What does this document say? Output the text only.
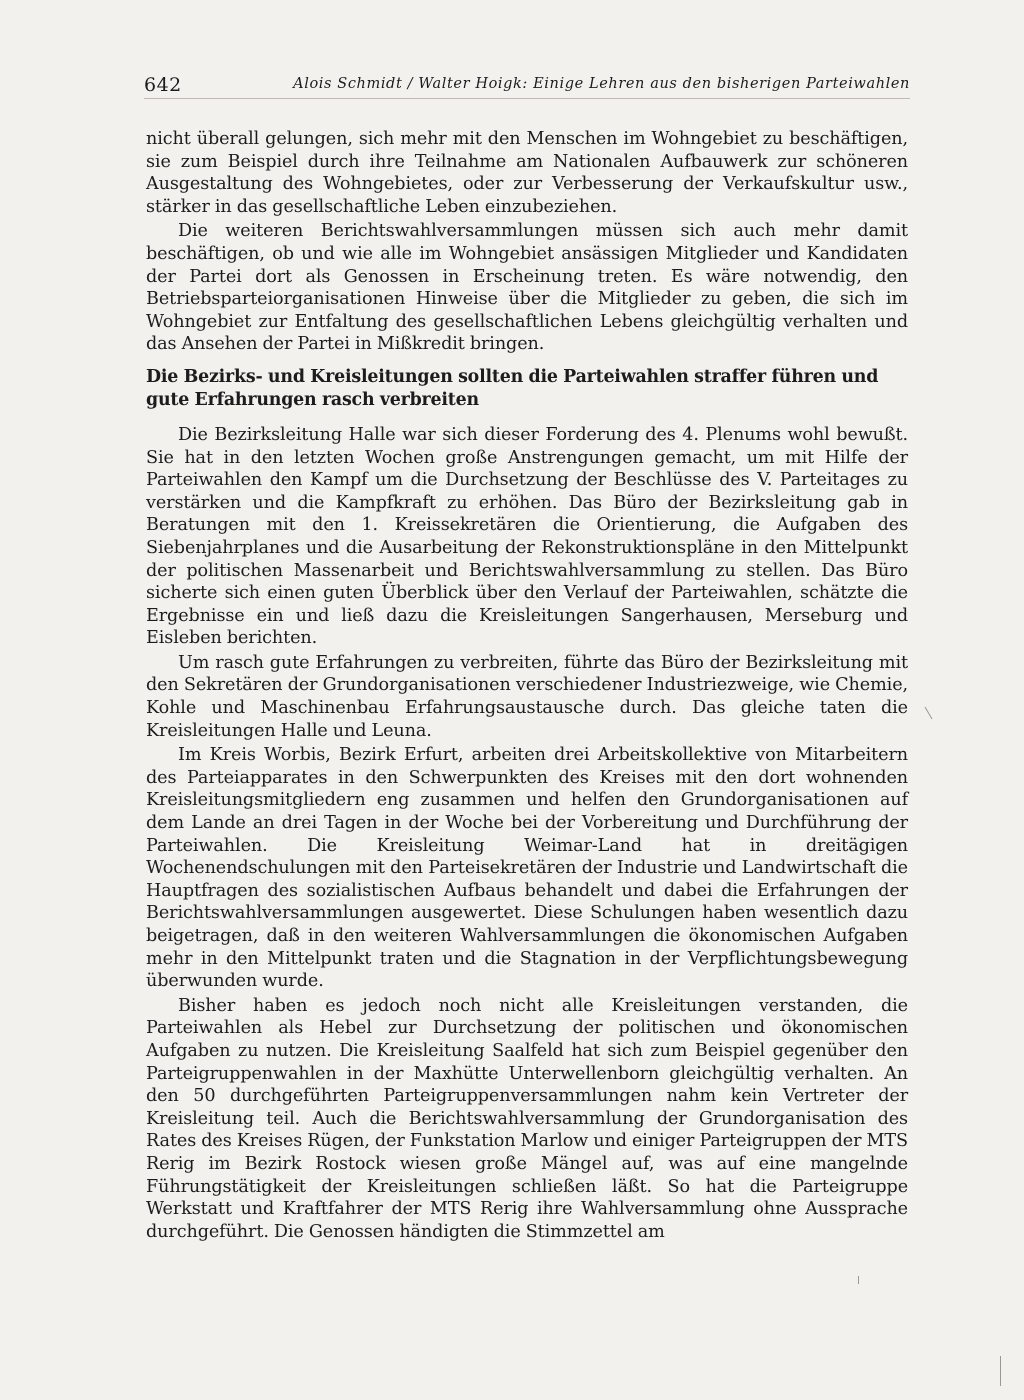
642	Alois Schmidt / Walter Hoigk: Einige Lehren aus den bisherigen Parteiwahlen

nicht überall gelungen, sich mehr mit den Menschen im Wohngebiet zu beschäftigen, sie zum Beispiel durch ihre Teilnahme am Nationalen Aufbauwerk zur schöneren Ausgestaltung des Wohngebietes, oder zur Verbesserung der Verkaufskultur usw., stärker in das gesellschaftliche Leben einzubeziehen.

Die weiteren Berichtswahlversammlungen müssen sich auch mehr damit beschäftigen, ob und wie alle im Wohngebiet ansässigen Mitglieder und Kandidaten der Partei dort als Genossen in Erscheinung treten. Es wäre notwendig, den Betriebsparteiorganisationen Hinweise über die Mitglieder zu geben, die sich im Wohngebiet zur Entfaltung des gesellschaftlichen Lebens gleichgültig verhalten und das Ansehen der Partei in Mißkredit bringen.

Die Bezirks- und Kreisleitungen sollten die Parteiwahlen straffer führen und gute Erfahrungen rasch verbreiten

Die Bezirksleitung Halle war sich dieser Forderung des 4. Plenums wohl bewußt. Sie hat in den letzten Wochen große Anstrengungen gemacht, um mit Hilfe der Parteiwahlen den Kampf um die Durchsetzung der Beschlüsse des V. Parteitages zu verstärken und die Kampfkraft zu erhöhen. Das Büro der Bezirksleitung gab in Beratungen mit den 1. Kreissekretären die Orientierung, die Aufgaben des Siebenjahrplanes und die Ausarbeitung der Rekonstruktionspläne in den Mittelpunkt der politischen Massenarbeit und Berichtswahlversammlung zu stellen. Das Büro sicherte sich einen guten Überblick über den Verlauf der Parteiwahlen, schätzte die Ergebnisse ein und ließ dazu die Kreisleitungen Sangerhausen, Merseburg und Eisleben berichten.

Um rasch gute Erfahrungen zu verbreiten, führte das Büro der Bezirksleitung mit den Sekretären der Grundorganisationen verschiedener Industriezweige, wie Chemie, Kohle und Maschinenbau Erfahrungsaustausche durch. Das gleiche taten die Kreisleitungen Halle und Leuna.

Im Kreis Worbis, Bezirk Erfurt, arbeiten drei Arbeitskollektive von Mitarbeitern des Parteiapparates in den Schwerpunkten des Kreises mit den dort wohnenden Kreisleitungsmitgliedern eng zusammen und helfen den Grundorganisationen auf dem Lande an drei Tagen in der Woche bei der Vorbereitung und Durchführung der Parteiwahlen. Die Kreisleitung Weimar-Land hat in dreitägigen Wochenendschulungen mit den Parteisekretären der Industrie und Landwirtschaft die Hauptfragen des sozialistischen Aufbaus behandelt und dabei die Erfahrungen der Berichtswahlversammlungen ausgewertet. Diese Schulungen haben wesentlich dazu beigetragen, daß in den weiteren Wahlversammlungen die ökonomischen Aufgaben mehr in den Mittelpunkt traten und die Stagnation in der Verpflichtungsbewegung überwunden wurde.

Bisher haben es jedoch noch nicht alle Kreisleitungen verstanden, die Parteiwahlen als Hebel zur Durchsetzung der politischen und ökonomischen Aufgaben zu nutzen. Die Kreisleitung Saalfeld hat sich zum Beispiel gegenüber den Parteigruppenwahlen in der Maxhütte Unterwellenborn gleichgültig verhalten. An den 50 durchgeführten Parteigruppenversammlungen nahm kein Vertreter der Kreisleitung teil. Auch die Berichtswahlversammlung der Grundorganisation des Rates des Kreises Rügen, der Funkstation Marlow und einiger Parteigruppen der MTS Rerig im Bezirk Rostock wiesen große Mängel auf, was auf eine mangelnde Führungstätigkeit der Kreisleitungen schließen läßt. So hat die Parteigruppe Werkstatt und Kraftfahrer der MTS Rerig ihre Wahlversammlung ohne Aussprache durchgeführt. Die Genossen händigten die Stimmzettel am
